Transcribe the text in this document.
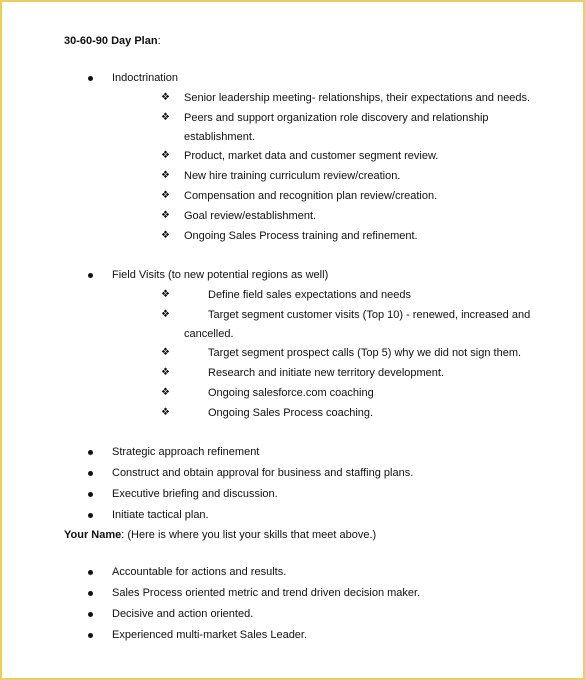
30-60-90 Day Plan:
Indoctrination
❖ Senior leadership meeting- relationships, their expectations and needs.
❖ Peers and support organization role discovery and relationship
establishment.
❖ Product, market data and customer segment review.
❖ New hire training curriculum review/creation.
❖ Compensation and recognition plan review/creation.
❖ Goal review/establishment.
❖ Ongoing Sales Process training and refinement.
Field Visits (to new potential regions as well)
❖	Define field sales expectations and needs
❖	Target segment customer visits (Top 10) - renewed, increased and
cancelled.
❖	Target segment prospect calls (Top 5) why we did not sign them.
❖	Research and initiate new territory development.
❖	Ongoing salesforce.com coaching
❖	Ongoing Sales Process coaching.
Strategic approach refinement
Construct and obtain approval for business and staffing plans.
Executive briefing and discussion.
Initiate tactical plan.
Your Name: (Here is where you list your skills that meet above.)
Accountable for actions and results.
Sales Process oriented metric and trend driven decision maker.
Decisive and action oriented.
Experienced multi-market Sales Leader.
